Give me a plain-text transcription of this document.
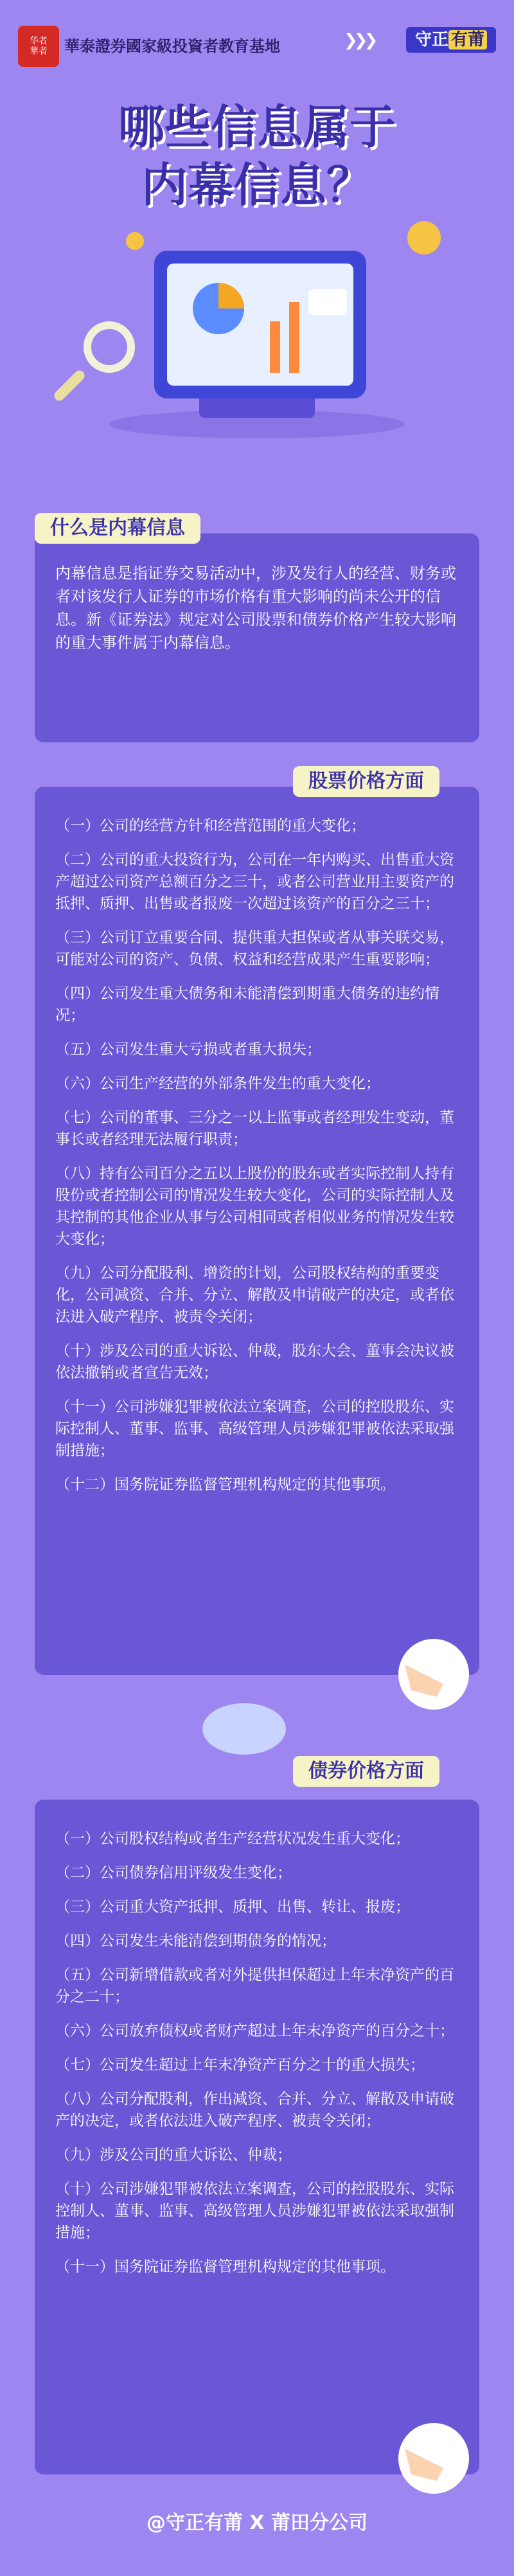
华者
華者	華泰證券國家級投資者教育基地	❯❯❯	守正 有莆
哪些信息属于
内幕信息？
内幕信息是指证券交易活动中，涉及发行人的经营、财务或者对该发行人证券的市场价格有重大影响的尚未公开的信息。新《证券法》规定对公司股票和债券价格产生较大影响的重大事件属于内幕信息。
什么是内幕信息
（一）公司的经营方针和经营范围的重大变化；
（二）公司的重大投资行为，公司在一年内购买、出售重大资产超过公司资产总额百分之三十，或者公司营业用主要资产的抵押、质押、出售或者报废一次超过该资产的百分之三十；
（三）公司订立重要合同、提供重大担保或者从事关联交易，可能对公司的资产、负债、权益和经营成果产生重要影响；
（四）公司发生重大债务和未能清偿到期重大债务的违约情况；
（五）公司发生重大亏损或者重大损失；
（六）公司生产经营的外部条件发生的重大变化；
（七）公司的董事、三分之一以上监事或者经理发生变动，董事长或者经理无法履行职责；
（八）持有公司百分之五以上股份的股东或者实际控制人持有股份或者控制公司的情况发生较大变化，公司的实际控制人及其控制的其他企业从事与公司相同或者相似业务的情况发生较大变化；
（九）公司分配股利、增资的计划，公司股权结构的重要变化，公司减资、合并、分立、解散及申请破产的决定，或者依法进入破产程序、被责令关闭；
（十）涉及公司的重大诉讼、仲裁，股东大会、董事会决议被依法撤销或者宣告无效；
（十一）公司涉嫌犯罪被依法立案调查，公司的控股股东、实际控制人、董事、监事、高级管理人员涉嫌犯罪被依法采取强制措施；
（十二）国务院证券监督管理机构规定的其他事项。
股票价格方面
（一）公司股权结构或者生产经营状况发生重大变化；
（二）公司债券信用评级发生变化；
（三）公司重大资产抵押、质押、出售、转让、报废；
（四）公司发生未能清偿到期债务的情况；
（五）公司新增借款或者对外提供担保超过上年末净资产的百分之二十；
（六）公司放弃债权或者财产超过上年末净资产的百分之十；
（七）公司发生超过上年末净资产百分之十的重大损失；
（八）公司分配股利，作出减资、合并、分立、解散及申请破产的决定，或者依法进入破产程序、被责令关闭；
（九）涉及公司的重大诉讼、仲裁；
（十）公司涉嫌犯罪被依法立案调查，公司的控股股东、实际控制人、董事、监事、高级管理人员涉嫌犯罪被依法采取强制措施；
（十一）国务院证券监督管理机构规定的其他事项。
债券价格方面
@守正有莆 X 莆田分公司
